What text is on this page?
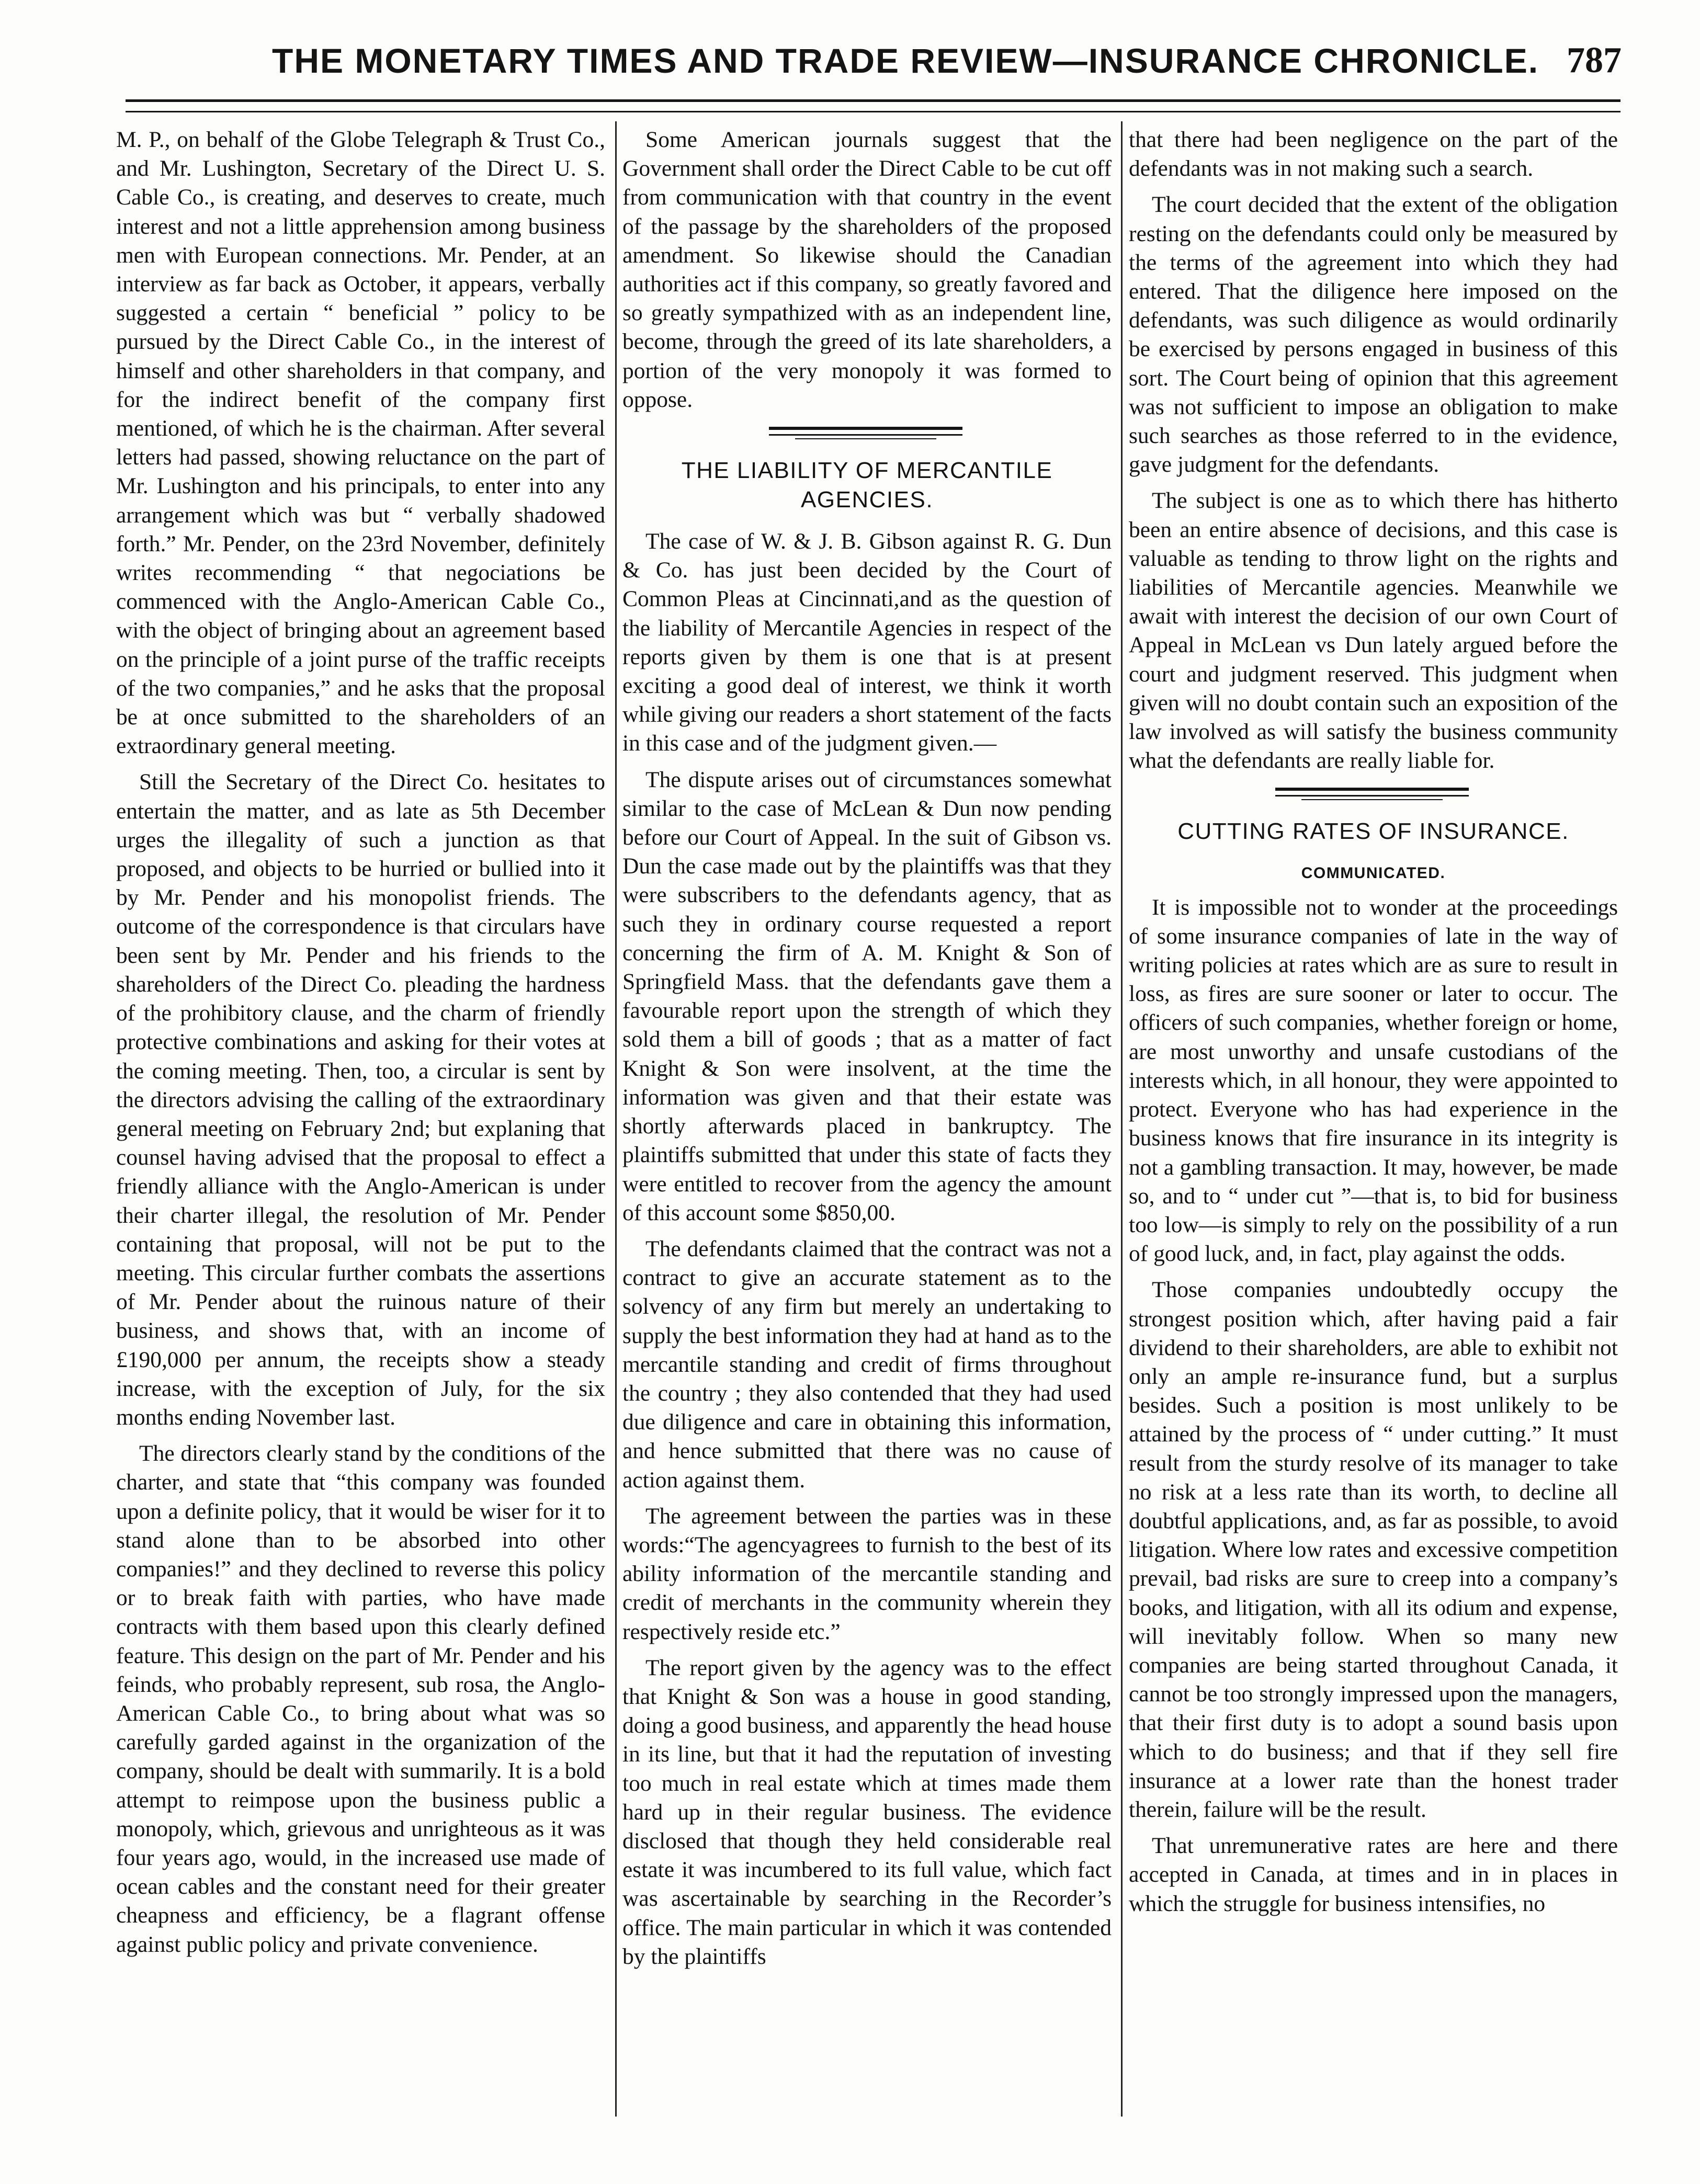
THE MONETARY TIMES AND TRADE REVIEW—INSURANCE CHRONICLE. 787

M. P., on behalf of the Globe Telegraph & Trust Co., and Mr. Lushington, Secretary of the Direct U. S. Cable Co., is creating, and deserves to create, much interest and not a little apprehension among business men with European connections. Mr. Pender, at an interview as far back as October, it appears, verbally suggested a certain “ beneficial ” policy to be pursued by the Direct Cable Co., in the interest of himself and other shareholders in that company, and for the indirect benefit of the company first mentioned, of which he is the chairman. After several letters had passed, showing reluctance on the part of Mr. Lushington and his principals, to enter into any arrangement which was but “ verbally shadowed forth.” Mr. Pender, on the 23rd November, definitely writes recommending “ that negociations be commenced with the Anglo-American Cable Co., with the object of bringing about an agreement based on the principle of a joint purse of the traffic receipts of the two companies,” and he asks that the proposal be at once submitted to the shareholders of an extraordinary general meeting.

Still the Secretary of the Direct Co. hesitates to entertain the matter, and as late as 5th December urges the illegality of such a junction as that proposed, and objects to be hurried or bullied into it by Mr. Pender and his monopolist friends. The outcome of the correspondence is that circulars have been sent by Mr. Pender and his friends to the shareholders of the Direct Co. pleading the hardness of the prohibitory clause, and the charm of friendly protective combinations and asking for their votes at the coming meeting. Then, too, a circular is sent by the directors advising the calling of the extraordinary general meeting on February 2nd; but explaning that counsel having advised that the proposal to effect a friendly alliance with the Anglo-American is under their charter illegal, the resolution of Mr. Pender containing that proposal, will not be put to the meeting. This circular further combats the assertions of Mr. Pender about the ruinous nature of their business, and shows that, with an income of £190,000 per annum, the receipts show a steady increase, with the exception of July, for the six months ending November last.

The directors clearly stand by the conditions of the charter, and state that “this company was founded upon a definite policy, that it would be wiser for it to stand alone than to be absorbed into other companies!” and they declined to reverse this policy or to break faith with parties, who have made contracts with them based upon this clearly defined feature. This design on the part of Mr. Pender and his feinds, who probably represent, sub rosa, the Anglo-American Cable Co., to bring about what was so carefully garded against in the organization of the company, should be dealt with summarily. It is a bold attempt to reimpose upon the business public a monopoly, which, grievous and unrighteous as it was four years ago, would, in the increased use made of ocean cables and the constant need for their greater cheapness and efficiency, be a flagrant offense against public policy and private convenience.

Some American journals suggest that the Government shall order the Direct Cable to be cut off from communication with that country in the event of the passage by the shareholders of the proposed amendment. So likewise should the Canadian authorities act if this company, so greatly favored and so greatly sympathized with as an independent line, become, through the greed of its late shareholders, a portion of the very monopoly it was formed to oppose.

THE LIABILITY OF MERCANTILE AGENCIES.

The case of W. & J. B. Gibson against R. G. Dun & Co. has just been decided by the Court of Common Pleas at Cincinnati,and as the question of the liability of Mercantile Agencies in respect of the reports given by them is one that is at present exciting a good deal of interest, we think it worth while giving our readers a short statement of the facts in this case and of the judgment given.—

The dispute arises out of circumstances somewhat similar to the case of McLean & Dun now pending before our Court of Appeal. In the suit of Gibson vs. Dun the case made out by the plaintiffs was that they were subscribers to the defendants agency, that as such they in ordinary course requested a report concerning the firm of A. M. Knight & Son of Springfield Mass. that the defendants gave them a favourable report upon the strength of which they sold them a bill of goods ; that as a matter of fact Knight & Son were insolvent, at the time the information was given and that their estate was shortly afterwards placed in bankruptcy. The plaintiffs submitted that under this state of facts they were entitled to recover from the agency the amount of this account some $850,00.

The defendants claimed that the contract was not a contract to give an accurate statement as to the solvency of any firm but merely an undertaking to supply the best information they had at hand as to the mercantile standing and credit of firms throughout the country ; they also contended that they had used due diligence and care in obtaining this information, and hence submitted that there was no cause of action against them.

The agreement between the parties was in these words:“The agencyagrees to furnish to the best of its ability information of the mercantile standing and credit of merchants in the community wherein they respectively reside etc.”

The report given by the agency was to the effect that Knight & Son was a house in good standing, doing a good business, and apparently the head house in its line, but that it had the reputation of investing too much in real estate which at times made them hard up in their regular business. The evidence disclosed that though they held considerable real estate it was incumbered to its full value, which fact was ascertainable by searching in the Recorder’s office. The main particular in which it was contended by the plaintiffs

that there had been negligence on the part of the defendants was in not making such a search.

The court decided that the extent of the obligation resting on the defendants could only be measured by the terms of the agreement into which they had entered. That the diligence here imposed on the defendants, was such diligence as would ordinarily be exercised by persons engaged in business of this sort. The Court being of opinion that this agreement was not sufficient to impose an obligation to make such searches as those referred to in the evidence, gave judgment for the defendants.

The subject is one as to which there has hitherto been an entire absence of decisions, and this case is valuable as tending to throw light on the rights and liabilities of Mercantile agencies. Meanwhile we await with interest the decision of our own Court of Appeal in McLean vs Dun lately argued before the court and judgment reserved. This judgment when given will no doubt contain such an exposition of the law involved as will satisfy the business community what the defendants are really liable for.

CUTTING RATES OF INSURANCE.
COMMUNICATED.

It is impossible not to wonder at the proceedings of some insurance companies of late in the way of writing policies at rates which are as sure to result in loss, as fires are sure sooner or later to occur. The officers of such companies, whether foreign or home, are most unworthy and unsafe custodians of the interests which, in all honour, they were appointed to protect. Everyone who has had experience in the business knows that fire insurance in its integrity is not a gambling transaction. It may, however, be made so, and to “ under cut ”—that is, to bid for business too low—is simply to rely on the possibility of a run of good luck, and, in fact, play against the odds.

Those companies undoubtedly occupy the strongest position which, after having paid a fair dividend to their shareholders, are able to exhibit not only an ample re-insurance fund, but a surplus besides. Such a position is most unlikely to be attained by the process of “ under cutting.” It must result from the sturdy resolve of its manager to take no risk at a less rate than its worth, to decline all doubtful applications, and, as far as possible, to avoid litigation. Where low rates and excessive competition prevail, bad risks are sure to creep into a company’s books, and litigation, with all its odium and expense, will inevitably follow. When so many new companies are being started throughout Canada, it cannot be too strongly impressed upon the managers, that their first duty is to adopt a sound basis upon which to do business; and that if they sell fire insurance at a lower rate than the honest trader therein, failure will be the result.

That unremunerative rates are here and there accepted in Canada, at times and in in places in which the struggle for business intensifies, no
